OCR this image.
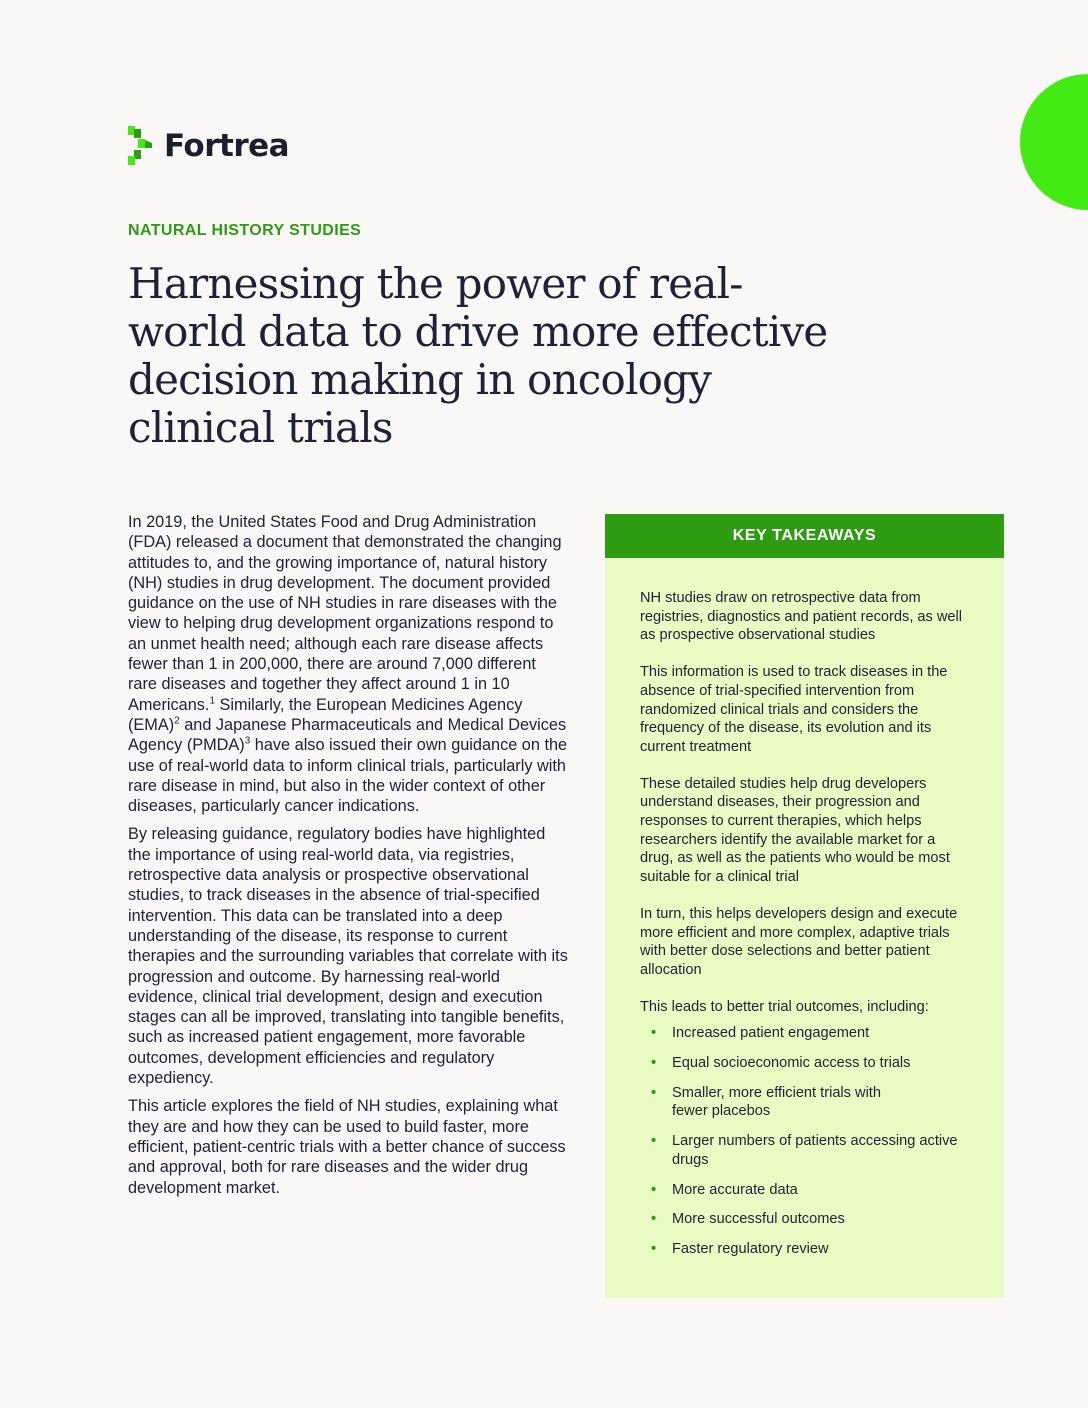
Fortrea
NATURAL HISTORY STUDIES
Harnessing the power of real-world data to drive more effective decision making in oncology clinical trials

In 2019, the United States Food and Drug Administration (FDA) released a document that demonstrated the changing attitudes to, and the growing importance of, natural history (NH) studies in drug development. The document provided guidance on the use of NH studies in rare diseases with the view to helping drug development organizations respond to an unmet health need; although each rare disease affects fewer than 1 in 200,000, there are around 7,000 different rare diseases and together they affect around 1 in 10 Americans.$^1$ Similarly, the European Medicines Agency (EMA)$^2$ and Japanese Pharmaceuticals and Medical Devices Agency (PMDA)$^3$ have also issued their own guidance on the use of real-world data to inform clinical trials, particularly with rare disease in mind, but also in the wider context of other diseases, particularly cancer indications.

By releasing guidance, regulatory bodies have highlighted the importance of using real-world data, via registries, retrospective data analysis or prospective observational studies, to track diseases in the absence of trial-specified intervention. This data can be translated into a deep understanding of the disease, its response to current therapies and the surrounding variables that correlate with its progression and outcome. By harnessing real-world evidence, clinical trial development, design and execution stages can all be improved, translating into tangible benefits, such as increased patient engagement, more favorable outcomes, development efficiencies and regulatory expediency.

This article explores the field of NH studies, explaining what they are and how they can be used to build faster, more efficient, patient-centric trials with a better chance of success and approval, both for rare diseases and the wider drug development market.

KEY TAKEAWAYS

NH studies draw on retrospective data from registries, diagnostics and patient records, as well as prospective observational studies

This information is used to track diseases in the absence of trial-specified intervention from randomized clinical trials and considers the frequency of the disease, its evolution and its current treatment

These detailed studies help drug developers understand diseases, their progression and responses to current therapies, which helps researchers identify the available market for a drug, as well as the patients who would be most suitable for a clinical trial

In turn, this helps developers design and execute more efficient and more complex, adaptive trials with better dose selections and better patient allocation

This leads to better trial outcomes, including:

• Increased patient engagement
• Equal socioeconomic access to trials
• Smaller, more efficient trials with fewer placebos
• Larger numbers of patients accessing active drugs
• More accurate data
• More successful outcomes
• Faster regulatory review
